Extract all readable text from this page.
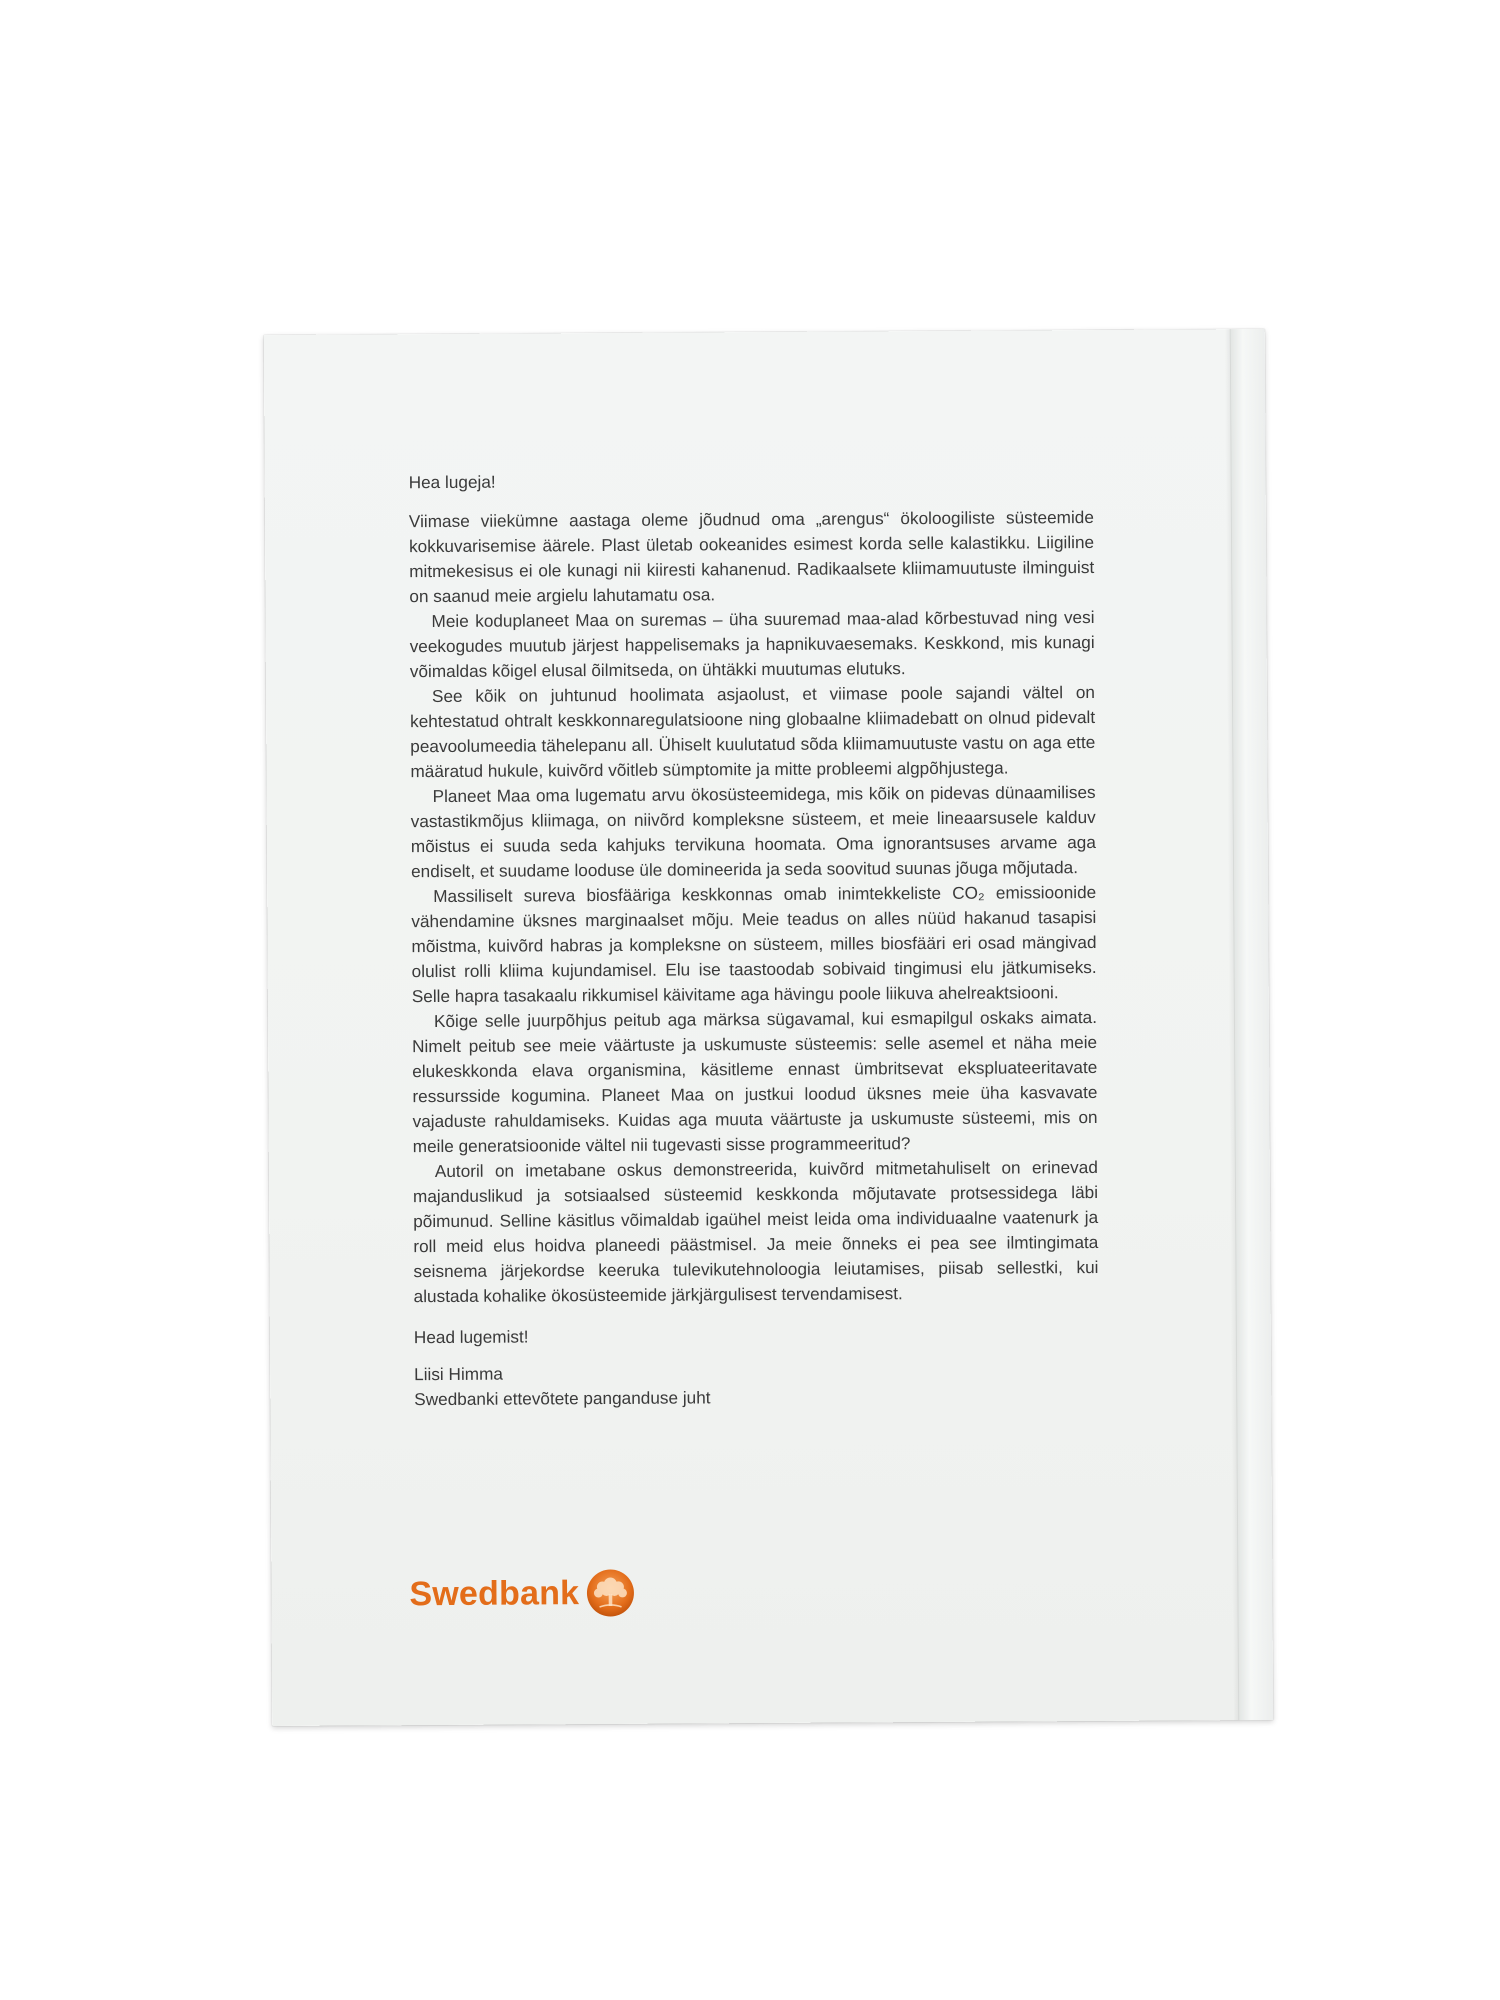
Hea lugeja!

Viimase viiekümne aastaga oleme jõudnud oma „arengus“ ökoloogiliste süsteemide kokkuvarisemise äärele. Plast ületab ookeanides esimest korda selle kalastikku. Liigiline mitmekesisus ei ole kunagi nii kiiresti kahanenud. Radikaalsete kliimamuutuste ilminguist on saanud meie argielu lahutamatu osa.

Meie koduplaneet Maa on suremas – üha suuremad maa-alad kõrbestuvad ning vesi veekogudes muutub järjest happelisemaks ja hapnikuvaesemaks. Keskkond, mis kunagi võimaldas kõigel elusal õilmitseda, on ühtäkki muutumas elutuks.

See kõik on juhtunud hoolimata asjaolust, et viimase poole sajandi vältel on kehtestatud ohtralt keskkonnaregulatsioone ning globaalne kliimadebatt on olnud pidevalt peavoolumeedia tähelepanu all. Ühiselt kuulutatud sõda kliimamuutuste vastu on aga ette määratud hukule, kuivõrd võitleb sümptomite ja mitte probleemi algpõhjustega.

Planeet Maa oma lugematu arvu ökosüsteemidega, mis kõik on pidevas dünaamilises vastastikmõjus kliimaga, on niivõrd kompleksne süsteem, et meie lineaarsusele kalduv mõistus ei suuda seda kahjuks tervikuna hoomata. Oma ignorantsuses arvame aga endiselt, et suudame looduse üle domineerida ja seda soovitud suunas jõuga mõjutada.

Massiliselt sureva biosfääriga keskkonnas omab inimtekkeliste CO₂ emissioonide vähendamine üksnes marginaalset mõju. Meie teadus on alles nüüd hakanud tasapisi mõistma, kuivõrd habras ja kompleksne on süsteem, milles biosfääri eri osad mängivad olulist rolli kliima kujundamisel. Elu ise taastoodab sobivaid tingimusi elu jätkumiseks. Selle hapra tasakaalu rikkumisel käivitame aga hävingu poole liikuva ahelreaktsiooni.

Kõige selle juurpõhjus peitub aga märksa sügavamal, kui esmapilgul oskaks aimata. Nimelt peitub see meie väärtuste ja uskumuste süsteemis: selle asemel et näha meie elukeskkonda elava organismina, käsitleme ennast ümbritsevat ekspluateeritavate ressursside kogumina. Planeet Maa on justkui loodud üksnes meie üha kasvavate vajaduste rahuldamiseks. Kuidas aga muuta väärtuste ja uskumuste süsteemi, mis on meile generatsioonide vältel nii tugevasti sisse programmeeritud?

Autoril on imetabane oskus demonstreerida, kuivõrd mitmetahuliselt on erinevad majanduslikud ja sotsiaalsed süsteemid keskkonda mõjutavate protsessidega läbi põimunud. Selline käsitlus võimaldab igaühel meist leida oma individuaalne vaatenurk ja roll meid elus hoidva planeedi päästmisel. Ja meie õnneks ei pea see ilmtingimata seisnema järjekordse keeruka tulevikutehnoloogia leiutamises, piisab sellestki, kui alustada kohalike ökosüsteemide järkjärgulisest tervendamisest.

Head lugemist!

Liisi Himma

Swedbanki ettevõtete panganduse juht

Swedbank
